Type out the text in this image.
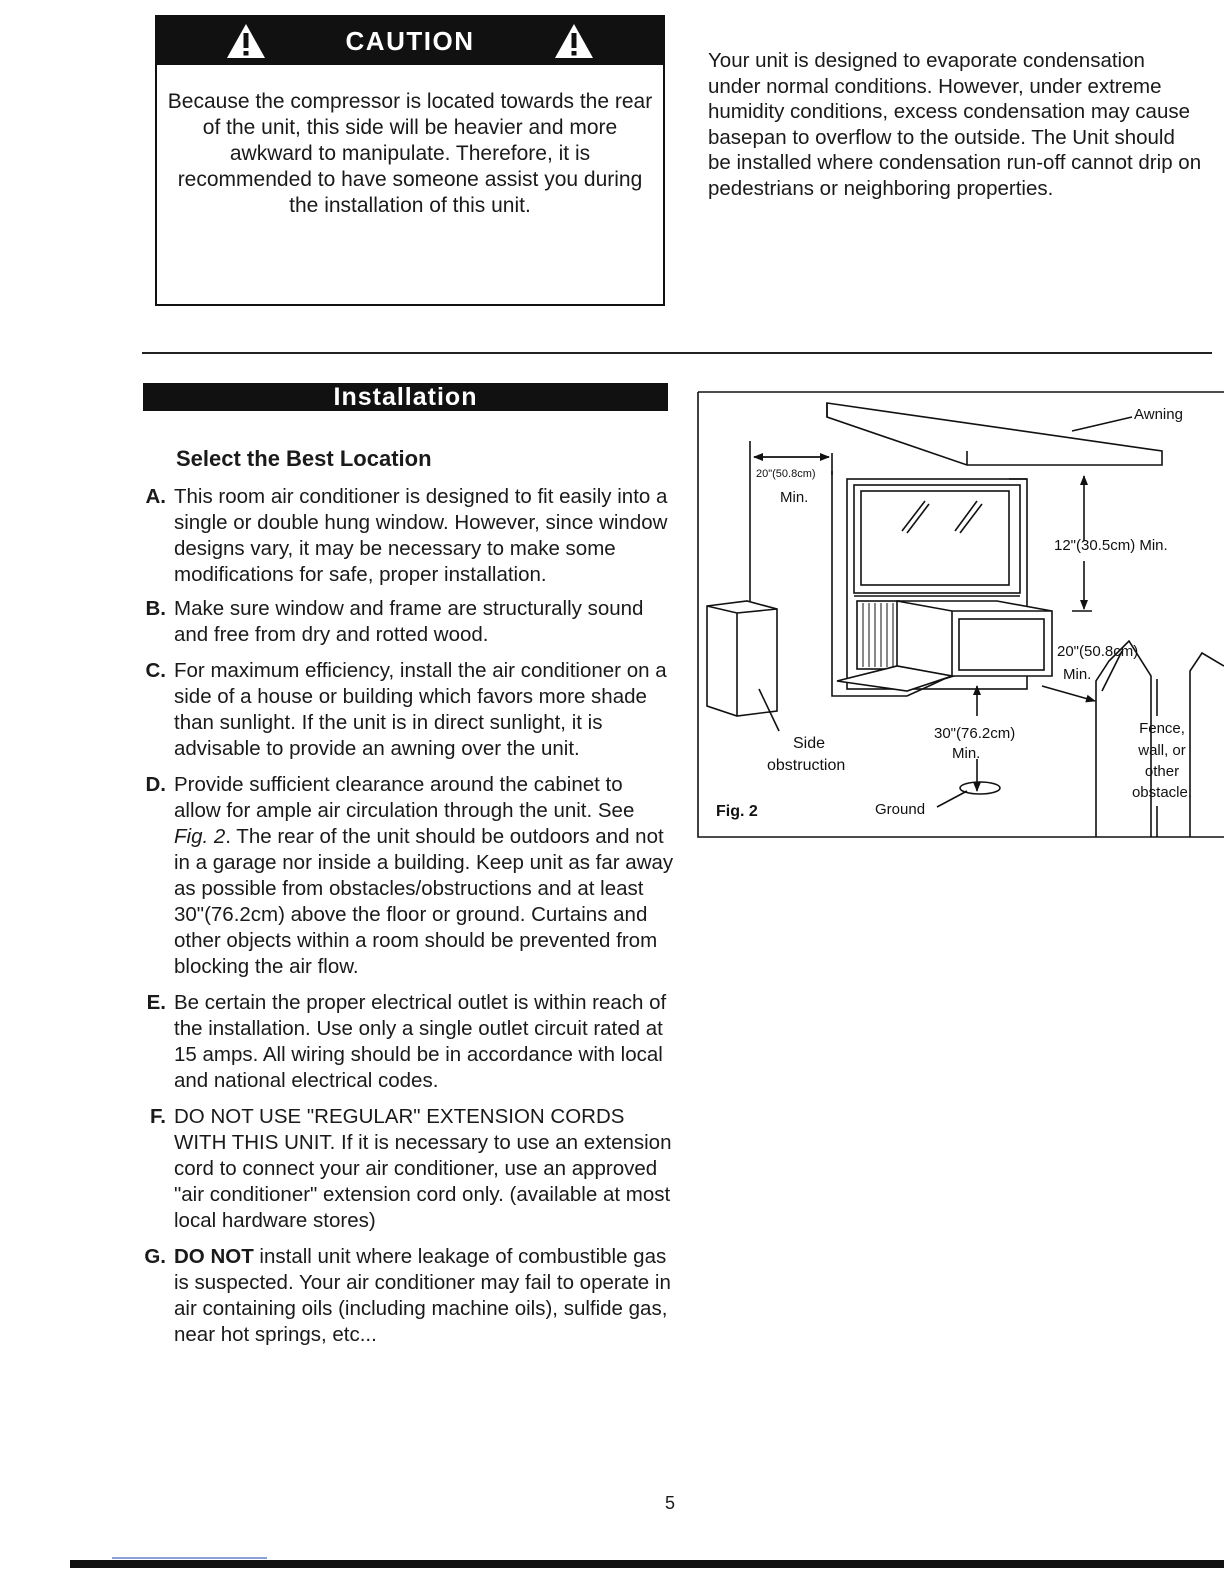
CAUTION
Because the compressor is located towards the rear of the unit, this side will be heavier and more awkward to manipulate. Therefore, it is recommended to have someone assist you during the installation of this unit.
Your unit is designed to evaporate condensation under normal conditions. However, under extreme humidity conditions, excess condensation may cause basepan to overflow to the outside. The Unit should be installed where condensation run-off cannot drip on pedestrians or neighboring properties.
Installation
Select the Best Location
A. This room air conditioner is designed to fit easily into a single or double hung window. However, since window designs vary, it may be necessary to make some modifications for safe, proper installation.
B. Make sure window and frame are structurally sound and free from dry and rotted wood.
C. For maximum efficiency, install the air conditioner on a side of a house or building which favors more shade than sunlight. If the unit is in direct sunlight, it is advisable to provide an awning over the unit.
D. Provide sufficient clearance around the cabinet to allow for ample air circulation through the unit. See Fig. 2. The rear of the unit should be outdoors and not in a garage nor inside a building. Keep unit as far away as possible from obstacles/obstructions and at least 30"(76.2cm) above the floor or ground. Curtains and other objects within a room should be prevented from blocking the air flow.
E. Be certain the proper electrical outlet is within reach of the installation. Use only a single outlet circuit rated at 15 amps. All wiring should be in accordance with local and national electrical codes.
F. DO NOT USE "REGULAR" EXTENSION CORDS WITH THIS UNIT. If it is necessary to use an extension cord to connect your air conditioner, use an approved "air conditioner" extension cord only. (available at most local hardware stores)
G. DO NOT install unit where leakage of combustible gas is suspected. Your air conditioner may fail to operate in air containing oils (including machine oils), sulfide gas, near hot springs, etc...
Awning
20"(50.8cm)
Min.
12"(30.5cm) Min.
20"(50.8cm)
Min.
30"(76.2cm)
Min.
Side
obstruction
Ground
Fence,
wall, or
other
obstacle.
Fig. 2
5
